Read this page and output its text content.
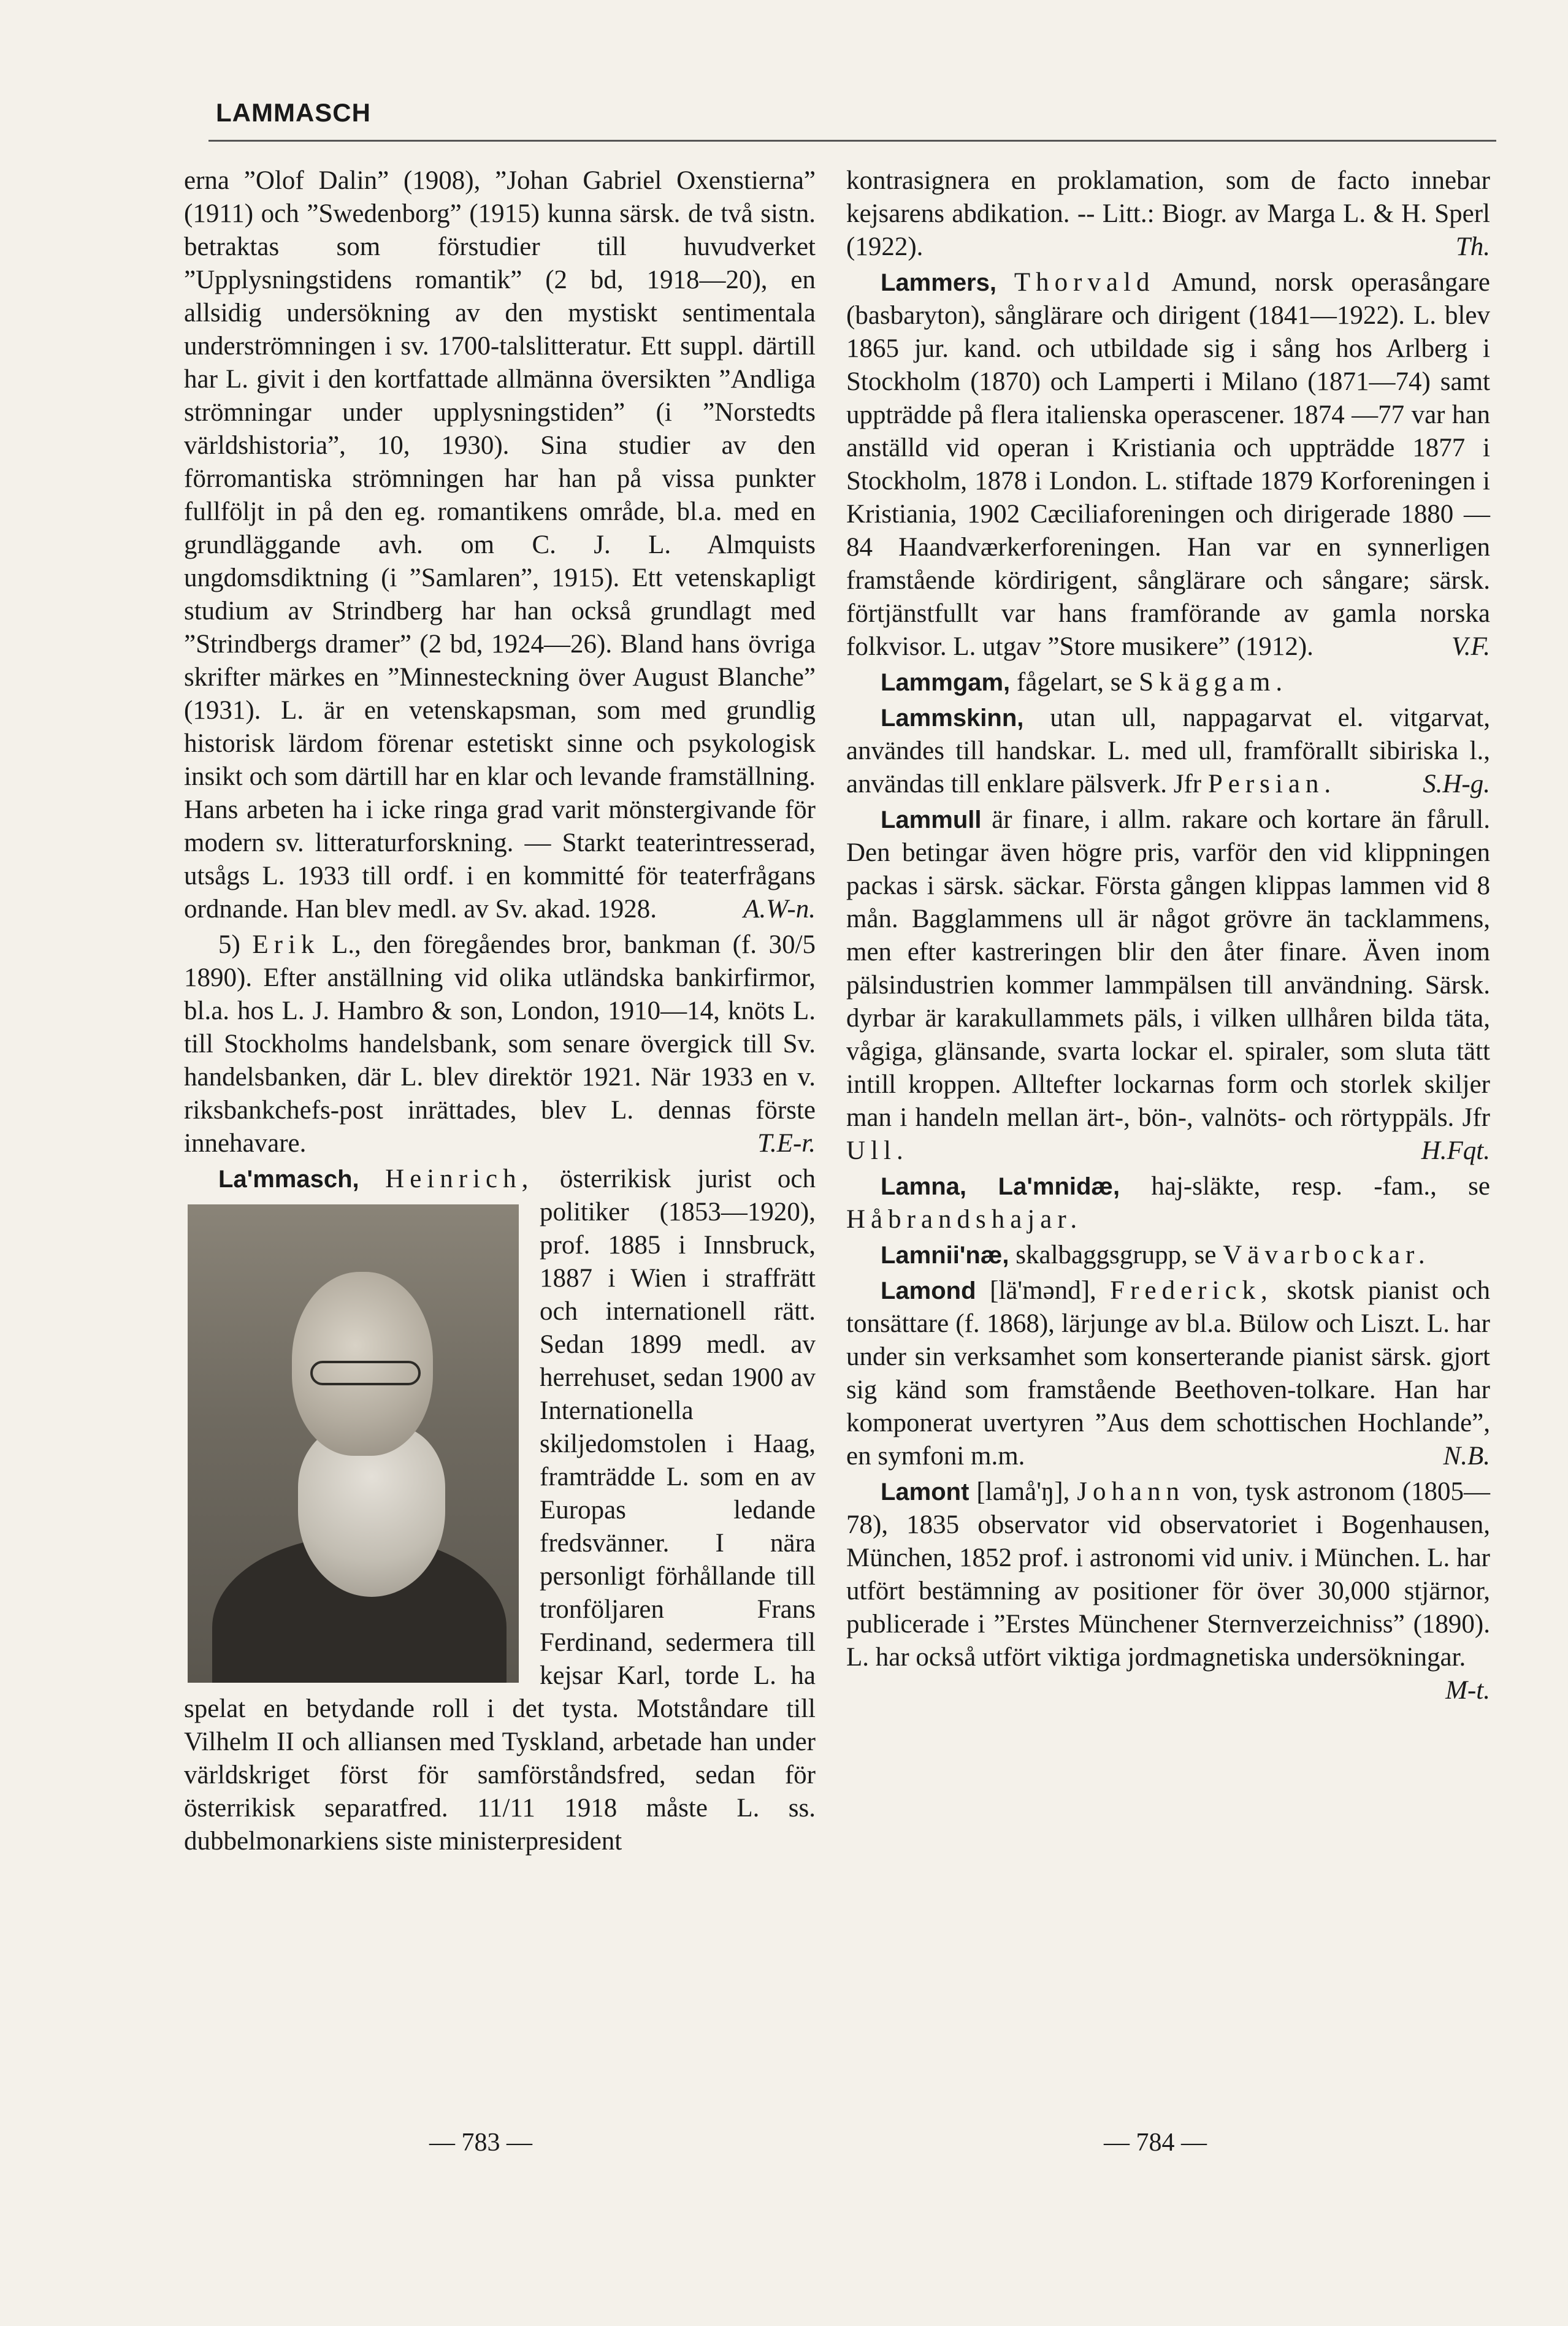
LAMMASCH

erna ”Olof Dalin” (1908), ”Johan Gabriel Oxenstierna” (1911) och ”Swedenborg” (1915) kunna särsk. de två sistn. betraktas som förstudier till huvudverket ”Upplysningstidens romantik” (2 bd, 1918—20), en allsidig undersökning av den mystiskt sentimentala underströmningen i sv. 1700-talslitteratur. Ett suppl. därtill har L. givit i den kortfattade allmänna översikten ”Andliga strömningar under upplysningstiden” (i ”Norstedts världshistoria”, 10, 1930). Sina studier av den förromantiska strömningen har han på vissa punkter fullföljt in på den eg. romantikens område, bl.a. med en grundläggande avh. om C. J. L. Almquists ungdomsdiktning (i ”Samlaren”, 1915). Ett vetenskapligt studium av Strindberg har han också grundlagt med ”Strindbergs dramer” (2 bd, 1924—26). Bland hans övriga skrifter märkes en ”Minnesteckning över August Blanche” (1931). L. är en vetenskapsman, som med grundlig historisk lärdom förenar estetiskt sinne och psykologisk insikt och som därtill har en klar och levande framställning. Hans arbeten ha i icke ringa grad varit mönstergivande för modern sv. litteraturforskning. — Starkt teaterintresserad, utsågs L. 1933 till ordf. i en kommitté för teaterfrågans ordnande. Han blev medl. av Sv. akad. 1928.	A.W-n.

5) Erik L., den föregåendes bror, bankman (f. 30/5 1890). Efter anställning vid olika utländska bankirfirmor, bl.a. hos L. J. Hambro & son, London, 1910—14, knöts L. till Stockholms handelsbank, som senare övergick till Sv. handelsbanken, där L. blev direktör 1921. När 1933 en v. riksbankchefs-post inrättades, blev L. dennas förste innehavare.	T.E-r.

La'mmasch, Heinrich, österrikisk jurist och politiker (1853—1920), prof. 1885 i Innsbruck, 1887 i Wien i straffrätt och internationell rätt. Sedan 1899 medl. av herrehuset, sedan 1900 av Internationella skiljedomstolen i Haag, framträdde L. som en av Europas ledande fredsvänner. I nära personligt förhållande till tronföljaren Frans Ferdinand, sedermera till kejsar Karl, torde L. ha spelat en betydande roll i det tysta. Motståndare till Vilhelm II och alliansen med Tyskland, arbetade han under världskriget först för samförståndsfred, sedan för österrikisk separatfred. 11/11 1918 måste L. ss. dubbelmonarkiens siste ministerpresident

kontrasignera en proklamation, som de facto innebar kejsarens abdikation. -- Litt.: Biogr. av Marga L. & H. Sperl (1922).	Th.

Lammers, Thorvald Amund, norsk operasångare (basbaryton), sånglärare och dirigent (1841—1922). L. blev 1865 jur. kand. och utbildade sig i sång hos Arlberg i Stockholm (1870) och Lamperti i Milano (1871—74) samt uppträdde på flera italienska operascener. 1874 —77 var han anställd vid operan i Kristiania och uppträdde 1877 i Stockholm, 1878 i London. L. stiftade 1879 Korforeningen i Kristiania, 1902 Cæciliaforeningen och dirigerade 1880 —84 Haandværkerforeningen. Han var en synnerligen framstående kördirigent, sånglärare och sångare; särsk. förtjänstfullt var hans framförande av gamla norska folkvisor. L. utgav ”Store musikere” (1912).	V.F.

Lammgam, fågelart, se Skäggam.

Lammskinn, utan ull, nappagarvat el. vitgarvat, användes till handskar. L. med ull, framförallt sibiriska l., användas till enklare pälsverk. Jfr Persian.	S.H-g.

Lammull är finare, i allm. rakare och kortare än fårull. Den betingar även högre pris, varför den vid klippningen packas i särsk. säckar. Första gången klippas lammen vid 8 mån. Bagglammens ull är något grövre än tacklammens, men efter kastreringen blir den åter finare. Även inom pälsindustrien kommer lammpälsen till användning. Särsk. dyrbar är karakullammets päls, i vilken ullhåren bilda täta, vågiga, glänsande, svarta lockar el. spiraler, som sluta tätt intill kroppen. Alltefter lockarnas form och storlek skiljer man i handeln mellan ärt-, bön-, valnöts- och rörtyppäls. Jfr Ull.	H.Fqt.

Lamna, La'mnidæ, haj-släkte, resp. -fam., se Håbrandshajar.

Lamnii'næ, skalbaggsgrupp, se Vävarbockar.

Lamond [lä'mənd], Frederick, skotsk pianist och tonsättare (f. 1868), lärjunge av bl.a. Bülow och Liszt. L. har under sin verksamhet som konserterande pianist särsk. gjort sig känd som framstående Beethoven-tolkare. Han har komponerat uvertyren ”Aus dem schottischen Hochlande”, en symfoni m.m.	N.B.

Lamont [lamå'ŋ], Johann von, tysk astronom (1805—78), 1835 observator vid observatoriet i Bogenhausen, München, 1852 prof. i astronomi vid univ. i München. L. har utfört bestämning av positioner för över 30,000 stjärnor, publicerade i ”Erstes Münchener Sternverzeichniss” (1890). L. har också utfört viktiga jordmagnetiska undersökningar.
M-t.

— 783 —	— 784 —
